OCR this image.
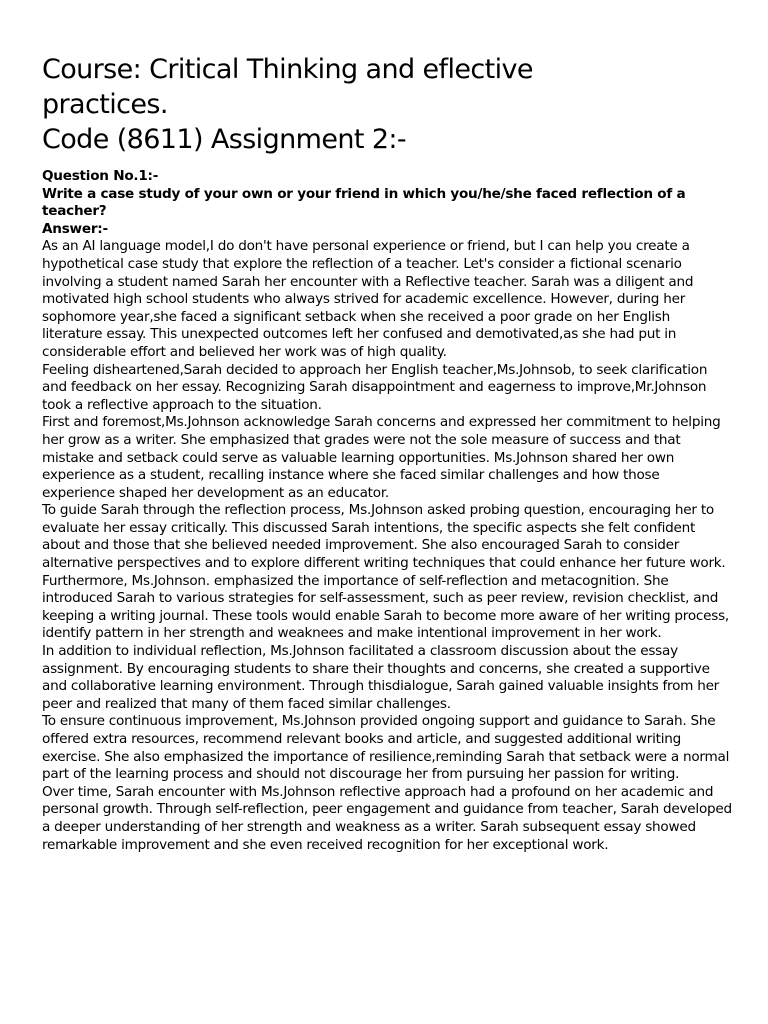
Course: Critical Thinking and eflective
practices.
Code (8611) Assignment 2:-
Question No.1:-
Write a case study of your own or your friend in which you/he/she faced reflection of a teacher?
Answer:-
As an AI language model,I do don't have personal experience or friend, but I can help you create a hypothetical case study that explore the reflection of a teacher. Let's consider a fictional scenario involving a student named Sarah her encounter with a Reflective teacher. Sarah was a diligent and motivated high school students who always strived for academic excellence. However, during her sophomore year,she faced a significant setback when she received a poor grade on her English literature essay. This unexpected outcomes left her confused and demotivated,as she had put in considerable effort and believed her work was of high quality.
Feeling disheartened,Sarah decided to approach her English teacher,Ms.Johnsob, to seek clarification and feedback on her essay. Recognizing Sarah disappointment and eagerness to improve,Mr.Johnson took a reflective approach to the situation.
First and foremost,Ms.Johnson acknowledge Sarah concerns and expressed her commitment to helping her grow as a writer. She emphasized that grades were not the sole measure of success and that mistake and setback could serve as valuable learning opportunities. Ms.Johnson shared her own experience as a student, recalling instance where she faced similar challenges and how those experience shaped her development as an educator.
To guide Sarah through the reflection process, Ms.Johnson asked probing question, encouraging her to evaluate her essay critically. This discussed Sarah intentions, the specific aspects she felt confident about and those that she believed needed improvement. She also encouraged Sarah to consider alternative perspectives and to explore different writing techniques that could enhance her future work.
Furthermore, Ms.Johnson. emphasized the importance of self-reflection and metacognition. She introduced Sarah to various strategies for self-assessment, such as peer review, revision checklist, and keeping a writing journal. These tools would enable Sarah to become more aware of her writing process, identify pattern in her strength and weaknees and make intentional improvement in her work.
In addition to individual reflection, Ms.Johnson facilitated a classroom discussion about the essay assignment. By encouraging students to share their thoughts and concerns, she created a supportive and collaborative learning environment. Through thisdialogue, Sarah gained valuable insights from her peer and realized that many of them faced similar challenges.
To ensure continuous improvement, Ms.Johnson provided ongoing support and guidance to Sarah. She offered extra resources, recommend relevant books and article, and suggested additional writing exercise. She also emphasized the importance of resilience,reminding Sarah that setback were a normal part of the learning process and should not discourage her from pursuing her passion for writing.
Over time, Sarah encounter with Ms.Johnson reflective approach had a profound on her academic and personal growth. Through self-reflection, peer engagement and guidance from teacher, Sarah developed a deeper understanding of her strength and weakness as a writer. Sarah subsequent essay showed remarkable improvement and she even received recognition for her exceptional work.
